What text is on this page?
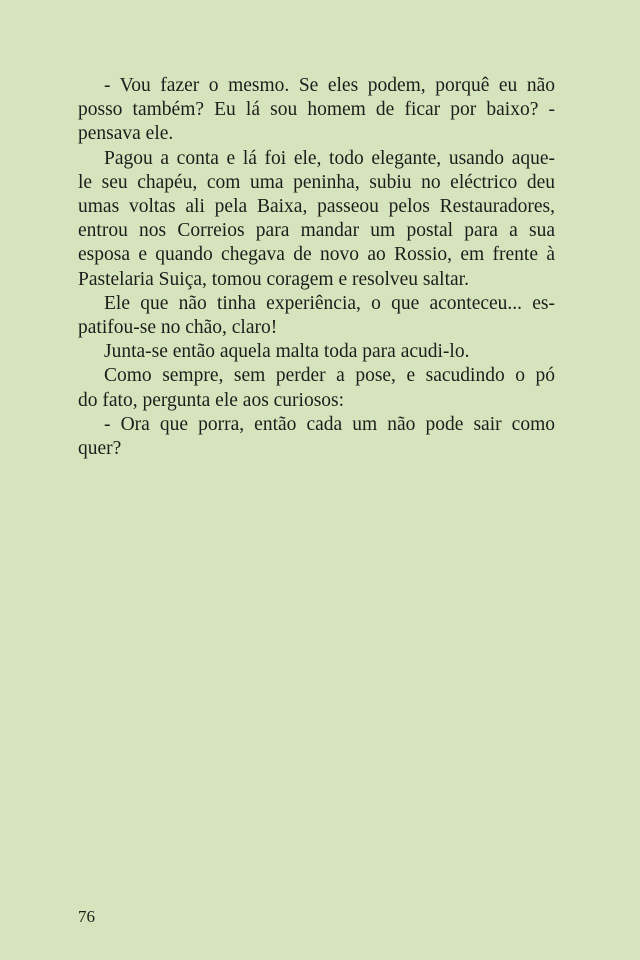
- Vou fazer o mesmo. Se eles podem, porquê eu não
posso também? Eu lá sou homem de ficar por baixo? -
pensava ele.

Pagou a conta e lá foi ele, todo elegante, usando aque-
le seu chapéu, com uma peninha, subiu no eléctrico deu
umas voltas ali pela Baixa, passeou pelos Restauradores,
entrou nos Correios para mandar um postal para a sua
esposa e quando chegava de novo ao Rossio, em frente à
Pastelaria Suiça, tomou coragem e resolveu saltar.

Ele que não tinha experiência, o que aconteceu... es-
patifou-se no chão, claro!

Junta-se então aquela malta toda para acudi-lo.

Como sempre, sem perder a pose, e sacudindo o pó
do fato, pergunta ele aos curiosos:

- Ora que porra, então cada um não pode sair como
quer?

76
